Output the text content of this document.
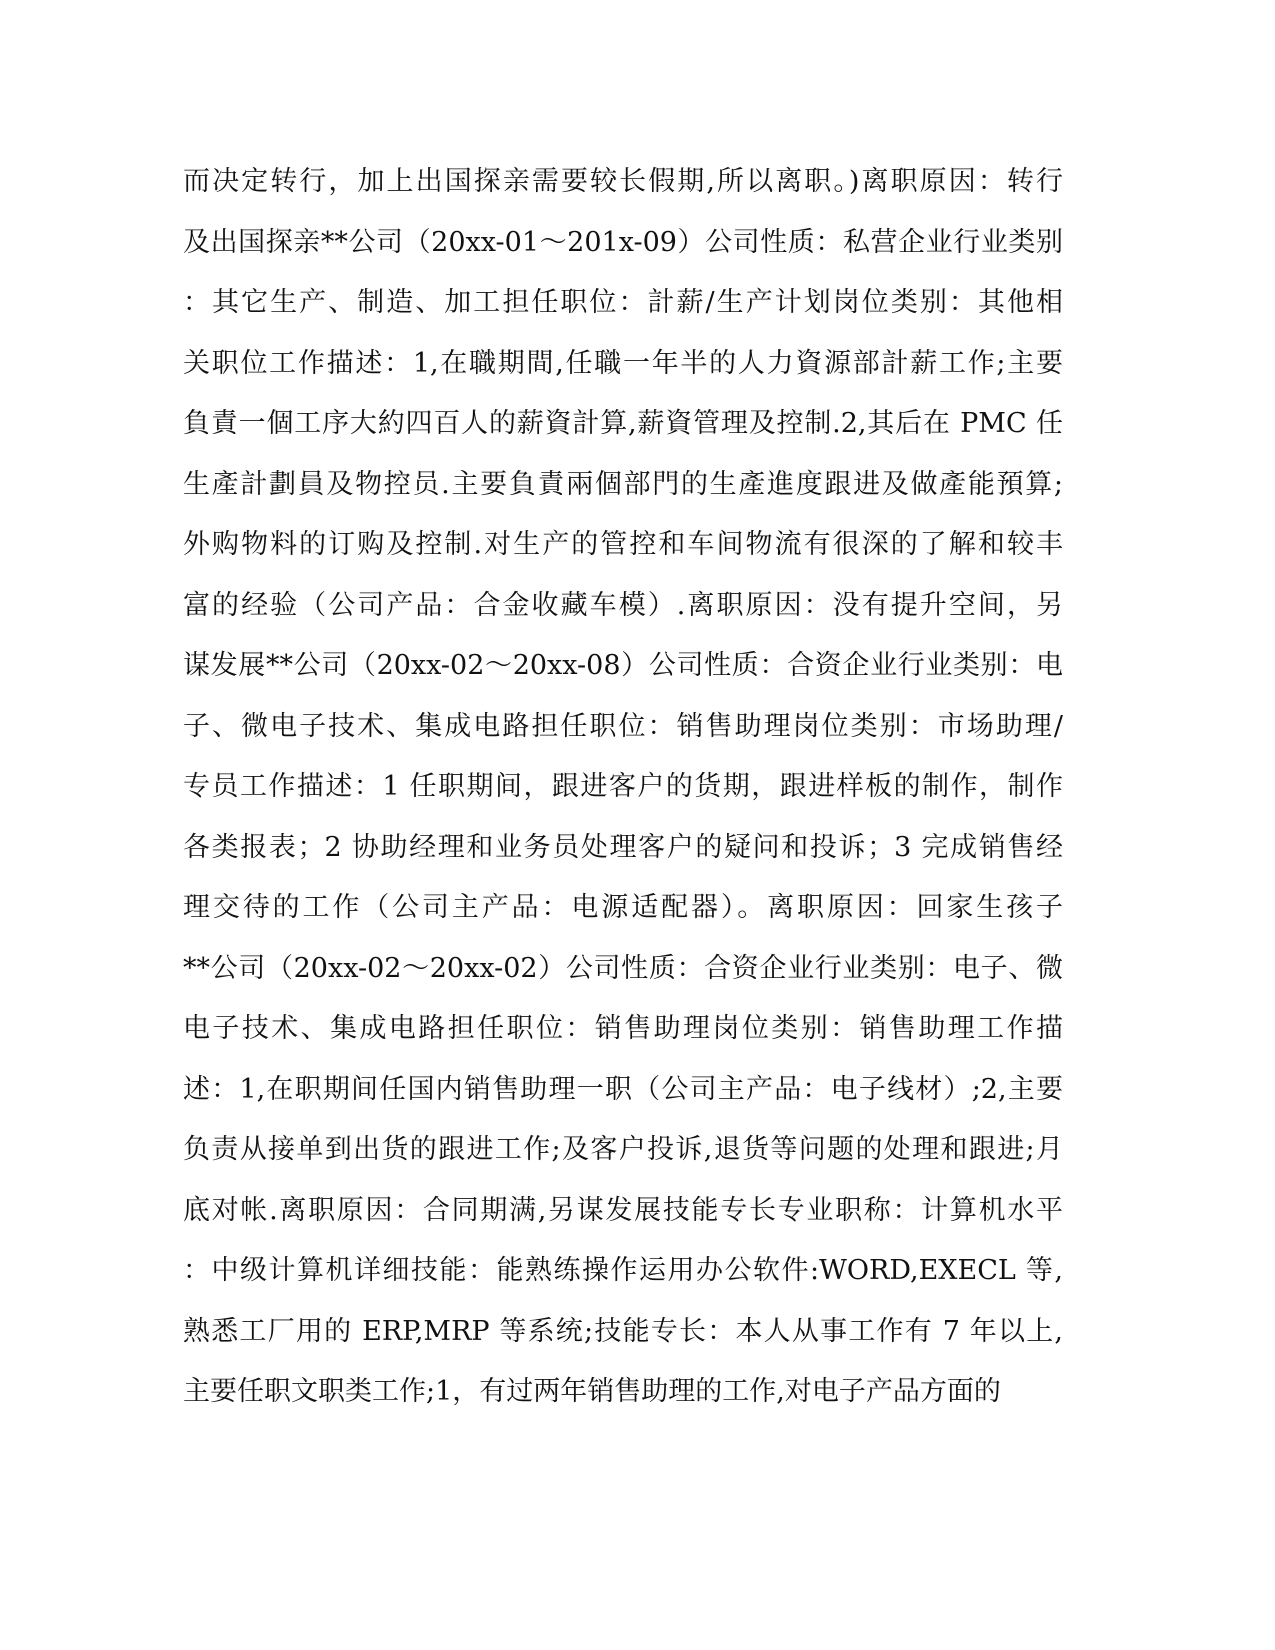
而决定转行，加上出国探亲需要较长假期,所以离职。)离职原因：转行
及出国探亲**公司（20xx-01～201x-09）公司性质：私营企业行业类别
：其它生产、制造、加工担任职位：計薪/生产计划岗位类别：其他相
关职位工作描述：1,在職期間,任職一年半的人力資源部計薪工作;主要
負責一個工序大約四百人的薪資計算,薪資管理及控制.2,其后在 PMC 任
生產計劃員及物控员.主要負責兩個部門的生產進度跟进及做產能預算;
外购物料的订购及控制.对生产的管控和车间物流有很深的了解和较丰
富的经验（公司产品：合金收藏车模）.离职原因：没有提升空间，另
谋发展**公司（20xx-02～20xx-08）公司性质：合资企业行业类别：电
子、微电子技术、集成电路担任职位：销售助理岗位类别：市场助理/
专员工作描述：1 任职期间，跟进客户的货期，跟进样板的制作，制作
各类报表；2 协助经理和业务员处理客户的疑问和投诉；3 完成销售经
理交待的工作（公司主产品：电源适配器）。离职原因：回家生孩子
**公司（20xx-02～20xx-02）公司性质：合资企业行业类别：电子、微
电子技术、集成电路担任职位：销售助理岗位类别：销售助理工作描
述：1,在职期间任国内销售助理一职（公司主产品：电子线材）;2,主要
负责从接单到出货的跟进工作;及客户投诉,退货等问题的处理和跟进;月
底对帐.离职原因：合同期满,另谋发展技能专长专业职称：计算机水平
：中级计算机详细技能：能熟练操作运用办公软件:WORD,EXECL 等,
熟悉工厂用的 ERP,MRP 等系统;技能专长：本人从事工作有 7 年以上,
主要任职文职类工作;1，有过两年销售助理的工作,对电子产品方面的
